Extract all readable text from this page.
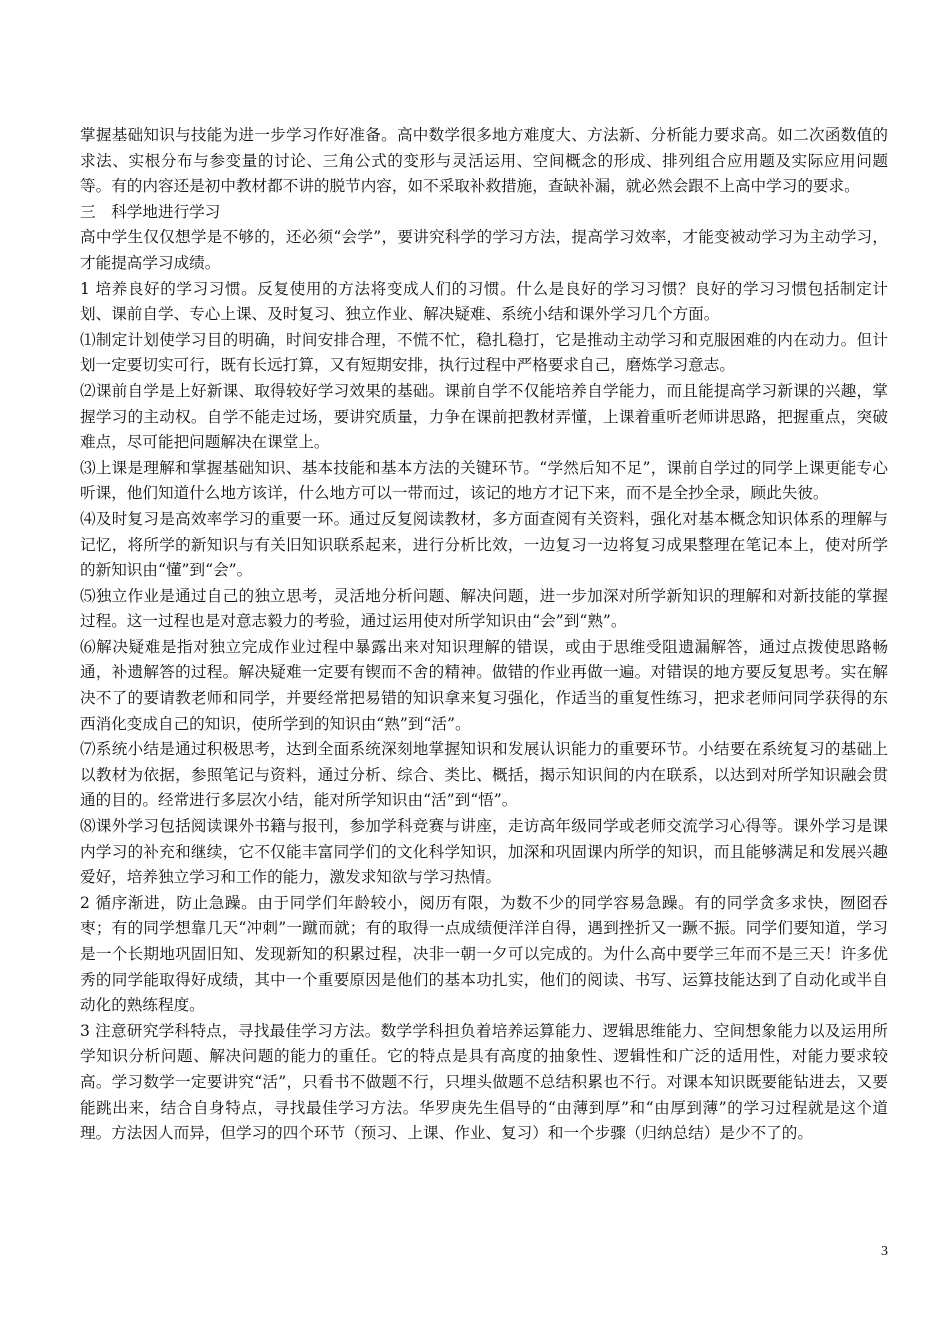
掌握基础知识与技能为进一步学习作好准备。高中数学很多地方难度大、方法新、分析能力要求高。如二次函数值的求法、实根分布与参变量的讨论、三角公式的变形与灵活运用、空间概念的形成、排列组合应用题及实际应用问题等。有的内容还是初中教材都不讲的脱节内容，如不采取补救措施，查缺补漏，就必然会跟不上高中学习的要求。

三　科学地进行学习

高中学生仅仅想学是不够的，还必须“会学”，要讲究科学的学习方法，提高学习效率，才能变被动学习为主动学习，才能提高学习成绩。

1 培养良好的学习习惯。反复使用的方法将变成人们的习惯。什么是良好的学习习惯？良好的学习习惯包括制定计划、课前自学、专心上课、及时复习、独立作业、解决疑难、系统小结和课外学习几个方面。

⑴制定计划使学习目的明确，时间安排合理，不慌不忙，稳扎稳打，它是推动主动学习和克服困难的内在动力。但计划一定要切实可行，既有长远打算，又有短期安排，执行过程中严格要求自己，磨炼学习意志。

⑵课前自学是上好新课、取得较好学习效果的基础。课前自学不仅能培养自学能力，而且能提高学习新课的兴趣，掌握学习的主动权。自学不能走过场，要讲究质量，力争在课前把教材弄懂，上课着重听老师讲思路，把握重点，突破难点，尽可能把问题解决在课堂上。

⑶上课是理解和掌握基础知识、基本技能和基本方法的关键环节。“学然后知不足”，课前自学过的同学上课更能专心听课，他们知道什么地方该详，什么地方可以一带而过，该记的地方才记下来，而不是全抄全录，顾此失彼。

⑷及时复习是高效率学习的重要一环。通过反复阅读教材，多方面查阅有关资料，强化对基本概念知识体系的理解与记忆，将所学的新知识与有关旧知识联系起来，进行分析比效，一边复习一边将复习成果整理在笔记本上，使对所学的新知识由“懂”到“会”。

⑸独立作业是通过自己的独立思考，灵活地分析问题、解决问题，进一步加深对所学新知识的理解和对新技能的掌握过程。这一过程也是对意志毅力的考验，通过运用使对所学知识由“会”到“熟”。

⑹解决疑难是指对独立完成作业过程中暴露出来对知识理解的错误，或由于思维受阻遗漏解答，通过点拨使思路畅通，补遗解答的过程。解决疑难一定要有锲而不舍的精神。做错的作业再做一遍。对错误的地方要反复思考。实在解决不了的要请教老师和同学，并要经常把易错的知识拿来复习强化，作适当的重复性练习，把求老师问同学获得的东西消化变成自己的知识，使所学到的知识由“熟”到“活”。

⑺系统小结是通过积极思考，达到全面系统深刻地掌握知识和发展认识能力的重要环节。小结要在系统复习的基础上以教材为依据，参照笔记与资料，通过分析、综合、类比、概括，揭示知识间的内在联系，以达到对所学知识融会贯通的目的。经常进行多层次小结，能对所学知识由“活”到“悟”。

⑻课外学习包括阅读课外书籍与报刊，参加学科竞赛与讲座，走访高年级同学或老师交流学习心得等。课外学习是课内学习的补充和继续，它不仅能丰富同学们的文化科学知识，加深和巩固课内所学的知识，而且能够满足和发展兴趣爱好，培养独立学习和工作的能力，激发求知欲与学习热情。

2 循序渐进，防止急躁。由于同学们年龄较小，阅历有限，为数不少的同学容易急躁。有的同学贪多求快，囫囵吞枣；有的同学想靠几天“冲刺”一蹴而就；有的取得一点成绩便洋洋自得，遇到挫折又一蹶不振。同学们要知道，学习是一个长期地巩固旧知、发现新知的积累过程，决非一朝一夕可以完成的。为什么高中要学三年而不是三天！许多优秀的同学能取得好成绩，其中一个重要原因是他们的基本功扎实，他们的阅读、书写、运算技能达到了自动化或半自动化的熟练程度。

3 注意研究学科特点，寻找最佳学习方法。数学学科担负着培养运算能力、逻辑思维能力、空间想象能力以及运用所学知识分析问题、解决问题的能力的重任。它的特点是具有高度的抽象性、逻辑性和广泛的适用性，对能力要求较高。学习数学一定要讲究“活”，只看书不做题不行，只埋头做题不总结积累也不行。对课本知识既要能钻进去，又要能跳出来，结合自身特点，寻找最佳学习方法。华罗庚先生倡导的“由薄到厚”和“由厚到薄”的学习过程就是这个道理。方法因人而异，但学习的四个环节（预习、上课、作业、复习）和一个步骤（归纳总结）是少不了的。

3
